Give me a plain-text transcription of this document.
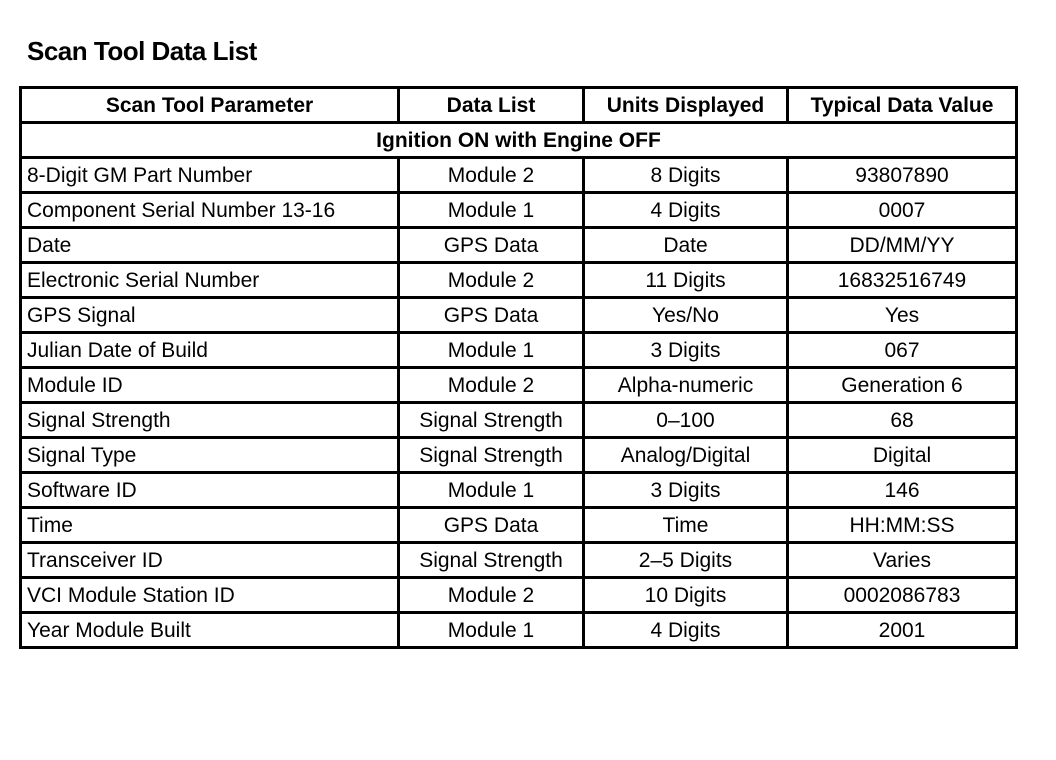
Scan Tool Data List
Scan Tool Parameter	Data List	Units Displayed	Typical Data Value
Ignition ON with Engine OFF			
8-Digit GM Part Number	Module 2	8 Digits	93807890
Component Serial Number 13-16	Module 1	4 Digits	0007
Date	GPS Data	Date	DD/MM/YY
Electronic Serial Number	Module 2	11 Digits	16832516749
GPS Signal	GPS Data	Yes/No	Yes
Julian Date of Build	Module 1	3 Digits	067
Module ID	Module 2	Alpha-numeric	Generation 6
Signal Strength	Signal Strength	0–100	68
Signal Type	Signal Strength	Analog/Digital	Digital
Software ID	Module 1	3 Digits	146
Time	GPS Data	Time	HH:MM:SS
Transceiver ID	Signal Strength	2–5 Digits	Varies
VCI Module Station ID	Module 2	10 Digits	0002086783
Year Module Built	Module 1	4 Digits	2001
